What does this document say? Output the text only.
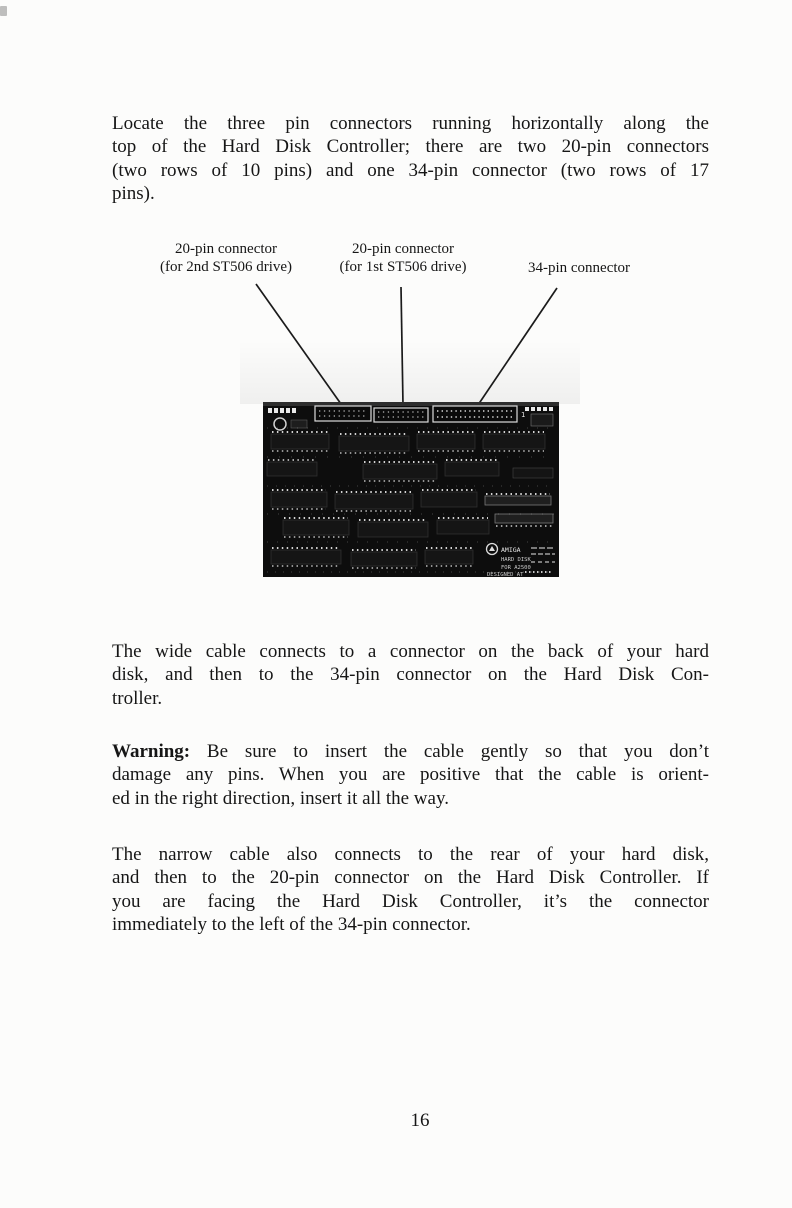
Locate the three pin connectors running horizontally along the
top of the Hard Disk Controller; there are two 20-pin connectors
(two rows of 10 pins) and one 34-pin connector (two rows of 17
pins).
20-pin connector
(for 2nd ST506 drive)
20-pin connector
(for 1st ST506 drive)	34-pin connector
1
AMIGA
HARD DISK
FOR A2500
DESIGNED AT
The wide cable connects to a connector on the back of your hard
disk, and then to the 34-pin connector on the Hard Disk Con-
troller.
Warning: Be sure to insert the cable gently so that you don’t
damage any pins. When you are positive that the cable is orient-
ed in the right direction, insert it all the way.
The narrow cable also connects to the rear of your hard disk,
and then to the 20-pin connector on the Hard Disk Controller. If
you are facing the Hard Disk Controller, it’s the connector
immediately to the left of the 34-pin connector.
16
